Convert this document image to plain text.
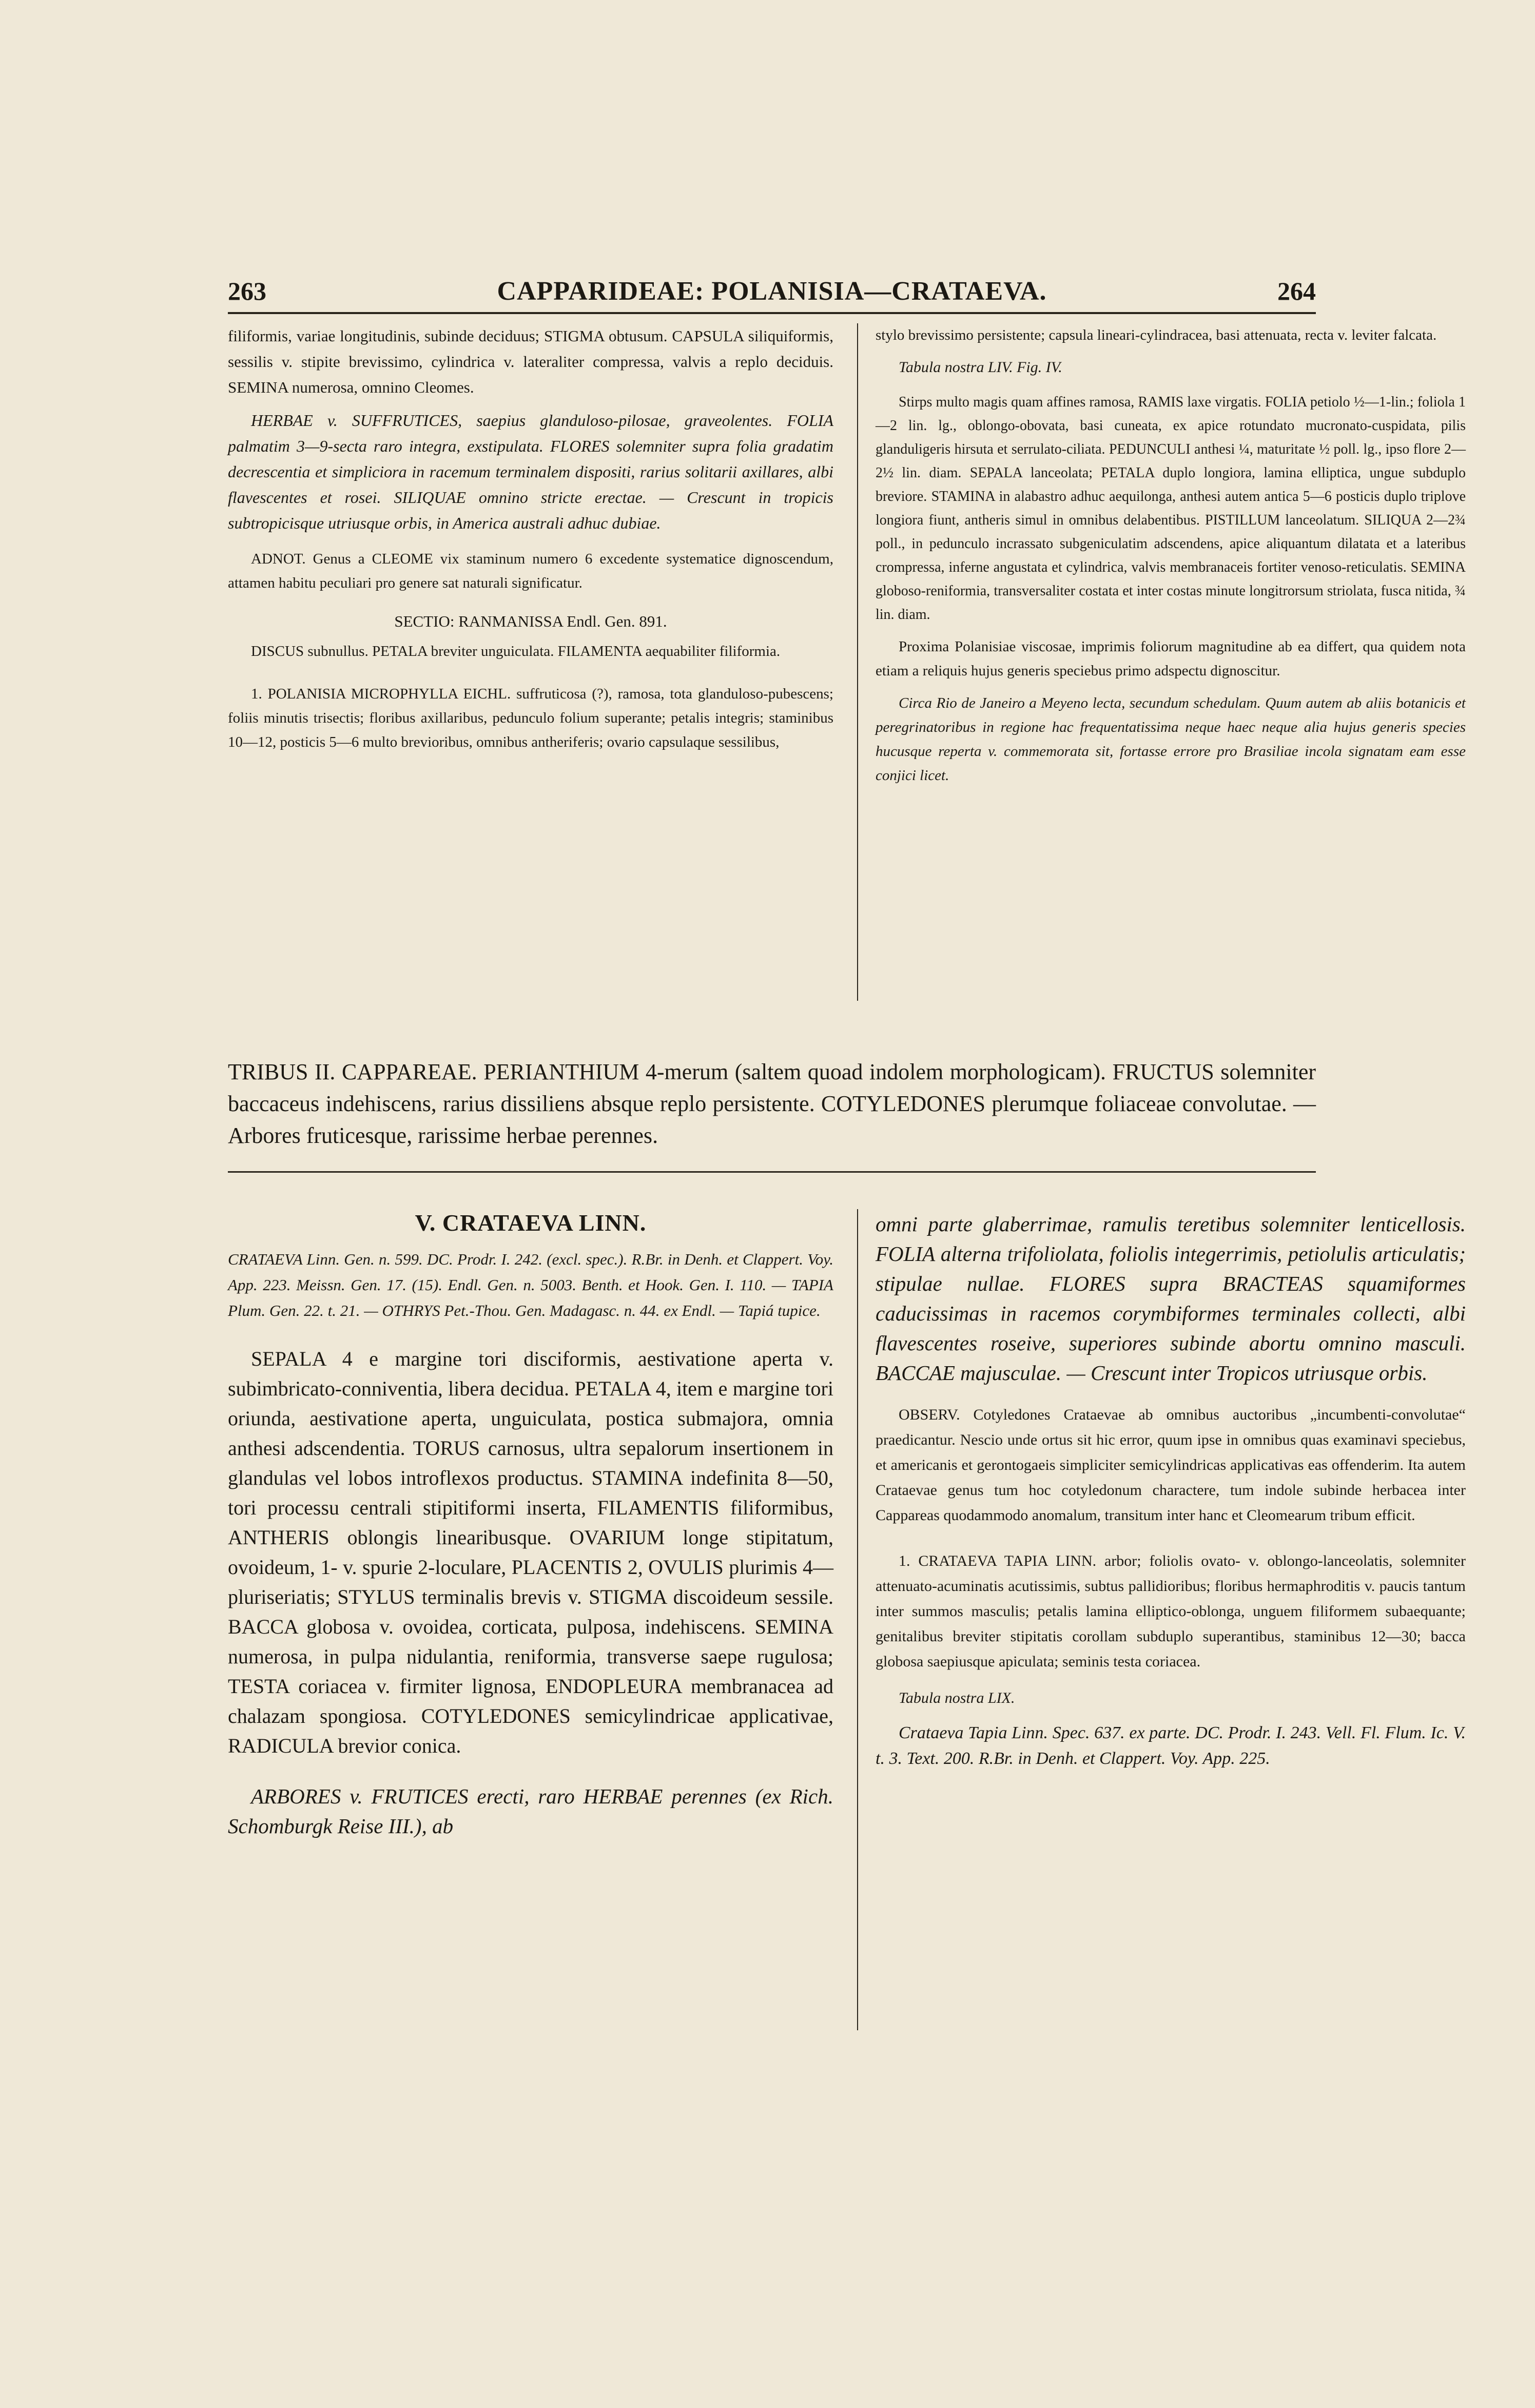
263	CAPPARIDEAE: POLANISIA—CRATAEVA.	264

filiformis, variae longitudinis, subinde deciduus; STIGMA obtusum. CAPSULA siliquiformis, sessilis v. stipite brevissimo, cylindrica v. lateraliter compressa, valvis a replo deciduis. SEMINA numerosa, omnino Cleomes.

HERBAE v. SUFFRUTICES, saepius glanduloso-pilosae, graveolentes. FOLIA palmatim 3—9-secta raro integra, exstipulata. FLORES solemniter supra folia gradatim decrescentia et simpliciora in racemum terminalem dispositi, rarius solitarii axillares, albi flavescentes et rosei. SILIQUAE omnino stricte erectae. — Crescunt in tropicis subtropicisque utriusque orbis, in America australi adhuc dubiae.

ADNOT. Genus a CLEOME vix staminum numero 6 excedente systematice dignoscendum, attamen habitu peculiari pro genere sat naturali significatur.

SECTIO: RANMANISSA Endl. Gen. 891.

DISCUS subnullus. PETALA breviter unguiculata. FILAMENTA aequabiliter filiformia.

1. POLANISIA MICROPHYLLA EICHL. suffruticosa (?), ramosa, tota glanduloso-pubescens; foliis minutis trisectis; floribus axillaribus, pedunculo folium superante; petalis integris; staminibus 10—12, posticis 5—6 multo brevioribus, omnibus antheriferis; ovario capsulaque sessilibus,

stylo brevissimo persistente; capsula lineari-cylindracea, basi attenuata, recta v. leviter falcata.

Tabula nostra LIV. Fig. IV.

Stirps multo magis quam affines ramosa, RAMIS laxe virgatis. FOLIA petiolo ½—1-lin.; foliola 1—2 lin. lg., oblongo-obovata, basi cuneata, ex apice rotundato mucronato-cuspidata, pilis glanduligeris hirsuta et serrulato-ciliata. PEDUNCULI anthesi ¼, maturitate ½ poll. lg., ipso flore 2—2½ lin. diam. SEPALA lanceolata; PETALA duplo longiora, lamina elliptica, ungue subduplo breviore. STAMINA in alabastro adhuc aequilonga, anthesi autem antica 5—6 posticis duplo triplove longiora fiunt, antheris simul in omnibus delabentibus. PISTILLUM lanceolatum. SILIQUA 2—2¾ poll., in pedunculo incrassato subgeniculatim adscendens, apice aliquantum dilatata et a lateribus crompressa, inferne angustata et cylindrica, valvis membranaceis fortiter venoso-reticulatis. SEMINA globoso-reniformia, transversaliter costata et inter costas minute longitrorsum striolata, fusca nitida, ¾ lin. diam.

Proxima Polanisiae viscosae, imprimis foliorum magnitudine ab ea differt, qua quidem nota etiam a reliquis hujus generis speciebus primo adspectu dignoscitur.

Circa Rio de Janeiro a Meyeno lecta, secundum schedulam. Quum autem ab aliis botanicis et peregrinatoribus in regione hac frequentatissima neque haec neque alia hujus generis species hucusque reperta v. commemorata sit, fortasse errore pro Brasiliae incola signatam eam esse conjici licet.

TRIBUS II. CAPPAREAE. PERIANTHIUM 4-merum (saltem quoad indolem morphologicam). FRUCTUS solemniter baccaceus indehiscens, rarius dissiliens absque replo persistente. COTYLEDONES plerumque foliaceae convolutae. — Arbores fruticesque, rarissime herbae perennes.

V. CRATAEVA LINN.

CRATAEVA Linn. Gen. n. 599. DC. Prodr. I. 242. (excl. spec.). R.Br. in Denh. et Clappert. Voy. App. 223. Meissn. Gen. 17. (15). Endl. Gen. n. 5003. Benth. et Hook. Gen. I. 110. — TAPIA Plum. Gen. 22. t. 21. — OTHRYS Pet.-Thou. Gen. Madagasc. n. 44. ex Endl. — Tapiá tupice.

SEPALA 4 e margine tori disciformis, aestivatione aperta v. subimbricato-conniventia, libera decidua. PETALA 4, item e margine tori oriunda, aestivatione aperta, unguiculata, postica submajora, omnia anthesi adscendentia. TORUS carnosus, ultra sepalorum insertionem in glandulas vel lobos introflexos productus. STAMINA indefinita 8—50, tori processu centrali stipitiformi inserta, FILAMENTIS filiformibus, ANTHERIS oblongis linearibusque. OVARIUM longe stipitatum, ovoideum, 1- v. spurie 2-loculare, PLACENTIS 2, OVULIS plurimis 4—pluriseriatis; STYLUS terminalis brevis v. STIGMA discoideum sessile. BACCA globosa v. ovoidea, corticata, pulposa, indehiscens. SEMINA numerosa, in pulpa nidulantia, reniformia, transverse saepe rugulosa; TESTA coriacea v. firmiter lignosa, ENDOPLEURA membranacea ad chalazam spongiosa. COTYLEDONES semicylindricae applicativae, RADICULA brevior conica.

ARBORES v. FRUTICES erecti, raro HERBAE perennes (ex Rich. Schomburgk Reise III.), ab

omni parte glaberrimae, ramulis teretibus solemniter lenticellosis. FOLIA alterna trifoliolata, foliolis integerrimis, petiolulis articulatis; stipulae nullae. FLORES supra BRACTEAS squamiformes caducissimas in racemos corymbiformes terminales collecti, albi flavescentes roseive, superiores subinde abortu omnino masculi. BACCAE majusculae. — Crescunt inter Tropicos utriusque orbis.

OBSERV. Cotyledones Crataevae ab omnibus auctoribus „incumbenti-convolutae“ praedicantur. Nescio unde ortus sit hic error, quum ipse in omnibus quas examinavi speciebus, et americanis et gerontogaeis simpliciter semicylindricas applicativas eas offenderim. Ita autem Crataevae genus tum hoc cotyledonum charactere, tum indole subinde herbacea inter Cappareas quodammodo anomalum, transitum inter hanc et Cleomearum tribum efficit.

1. CRATAEVA TAPIA LINN. arbor; foliolis ovato- v. oblongo-lanceolatis, solemniter attenuato-acuminatis acutissimis, subtus pallidioribus; floribus hermaphroditis v. paucis tantum inter summos masculis; petalis lamina elliptico-oblonga, unguem filiformem subaequante; genitalibus breviter stipitatis corollam subduplo superantibus, staminibus 12—30; bacca globosa saepiusque apiculata; seminis testa coriacea.

Tabula nostra LIX.

Crataeva Tapia Linn. Spec. 637. ex parte. DC. Prodr. I. 243. Vell. Fl. Flum. Ic. V. t. 3. Text. 200. R.Br. in Denh. et Clappert. Voy. App. 225.
